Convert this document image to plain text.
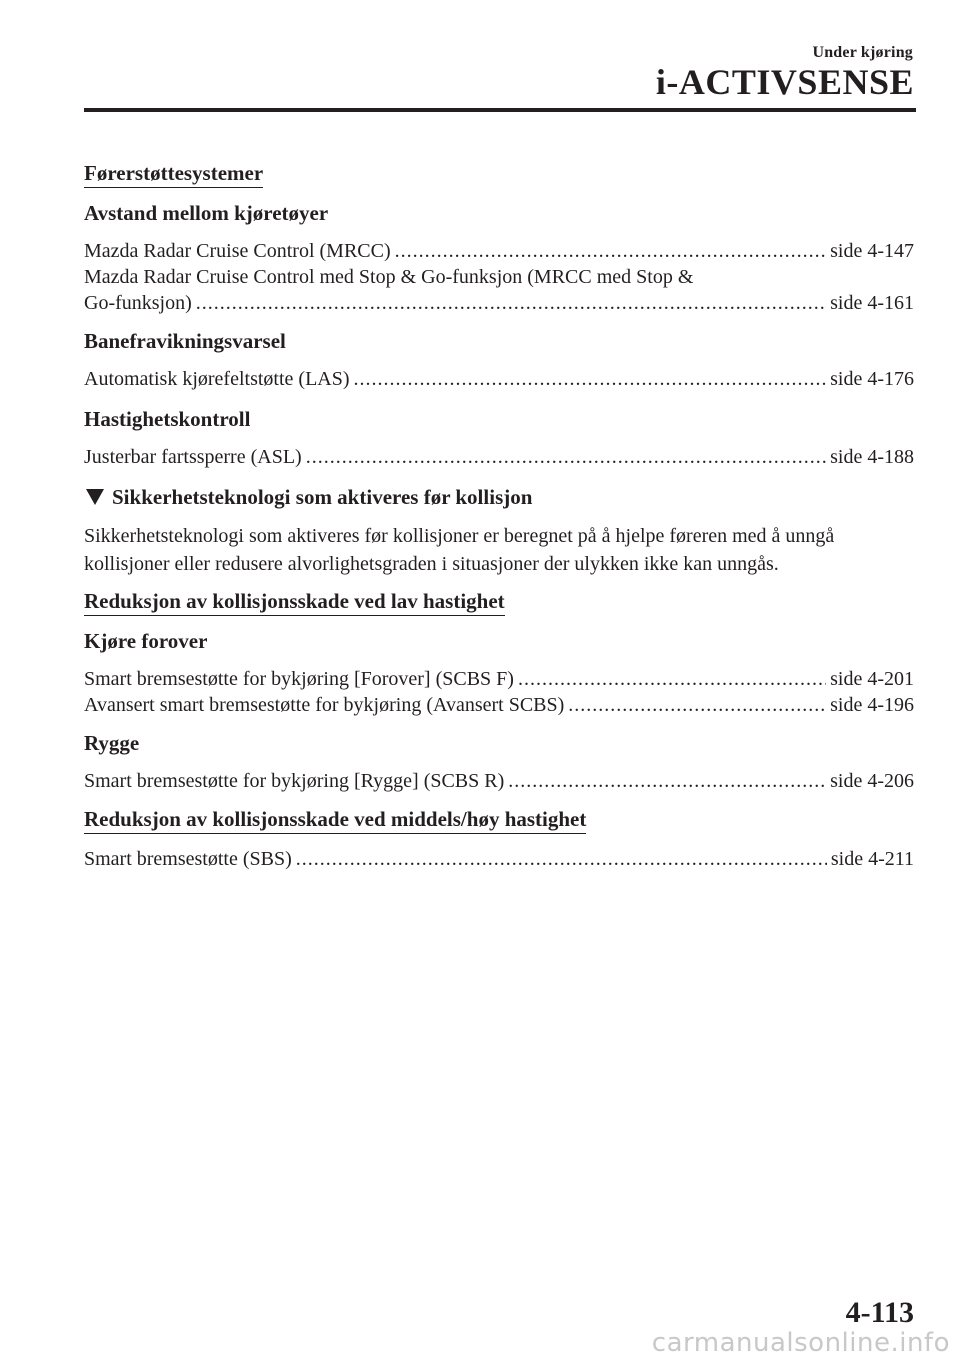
Under kjøring
i-ACTIVSENSE
Førerstøttesystemer
Avstand mellom kjøretøyer
Mazda Radar Cruise Control (MRCC) .....	side 4-147
Mazda Radar Cruise Control med Stop & Go-funksjon (MRCC med Stop &
Go-funksjon) .....	side 4-161
Banefravikningsvarsel
Automatisk kjørefeltstøtte (LAS) .....	side 4-176
Hastighetskontroll
Justerbar fartssperre (ASL) .....	side 4-188
Sikkerhetsteknologi som aktiveres før kollisjon
Sikkerhetsteknologi som aktiveres før kollisjoner er beregnet på å hjelpe føreren med å unngå kollisjoner eller redusere alvorlighetsgraden i situasjoner der ulykken ikke kan unngås.
Reduksjon av kollisjonsskade ved lav hastighet
Kjøre forover
Smart bremsestøtte for bykjøring [Forover] (SCBS F) .....	side 4-201
Avansert smart bremsestøtte for bykjøring (Avansert SCBS) .....	side 4-196
Rygge
Smart bremsestøtte for bykjøring [Rygge] (SCBS R) .....	side 4-206
Reduksjon av kollisjonsskade ved middels/høy hastighet
Smart bremsestøtte (SBS) .....	side 4-211
4-113
carmanualsonline.info
